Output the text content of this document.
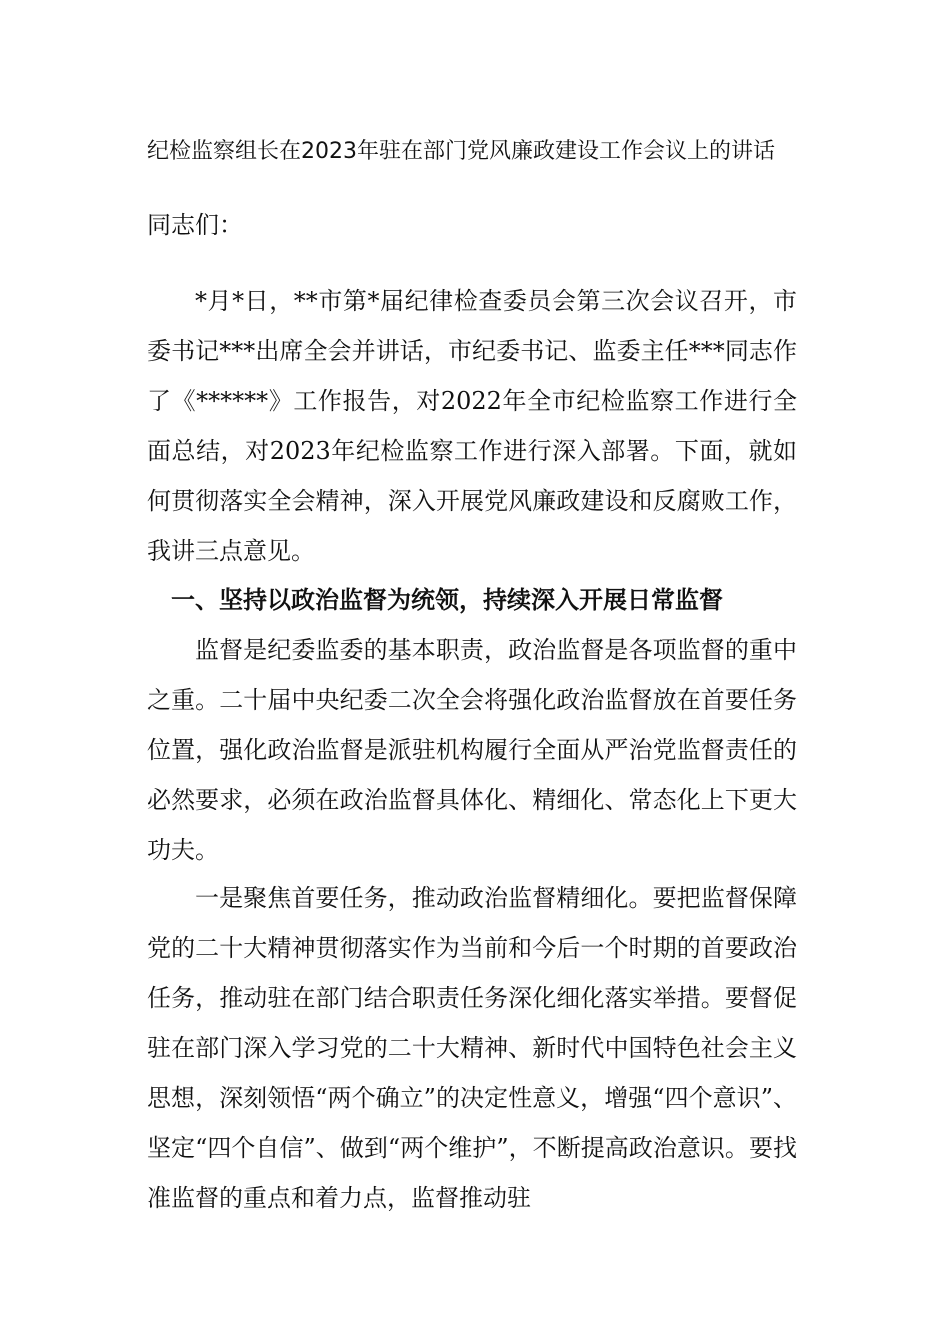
纪检监察组长在2023年驻在部门党风廉政建设工作会议上的讲话
同志们：
*月*日，**市第*届纪律检查委员会第三次会议召开，市委书记***出席全会并讲话，市纪委书记、监委主任***同志作了《******》工作报告，对2022年全市纪检监察工作进行全面总结，对2023年纪检监察工作进行深入部署。下面，就如何贯彻落实全会精神，深入开展党风廉政建设和反腐败工作，我讲三点意见。
一、坚持以政治监督为统领，持续深入开展日常监督
监督是纪委监委的基本职责，政治监督是各项监督的重中之重。二十届中央纪委二次全会将强化政治监督放在首要任务位置，强化政治监督是派驻机构履行全面从严治党监督责任的必然要求，必须在政治监督具体化、精细化、常态化上下更大功夫。
一是聚焦首要任务，推动政治监督精细化。要把监督保障党的二十大精神贯彻落实作为当前和今后一个时期的首要政治任务，推动驻在部门结合职责任务深化细化落实举措。要督促驻在部门深入学习党的二十大精神、新时代中国特色社会主义思想，深刻领悟“两个确立”的决定性意义，增强“四个意识”、坚定“四个自信”、做到“两个维护”，不断提高政治意识。要找准监督的重点和着力点，监督推动驻
